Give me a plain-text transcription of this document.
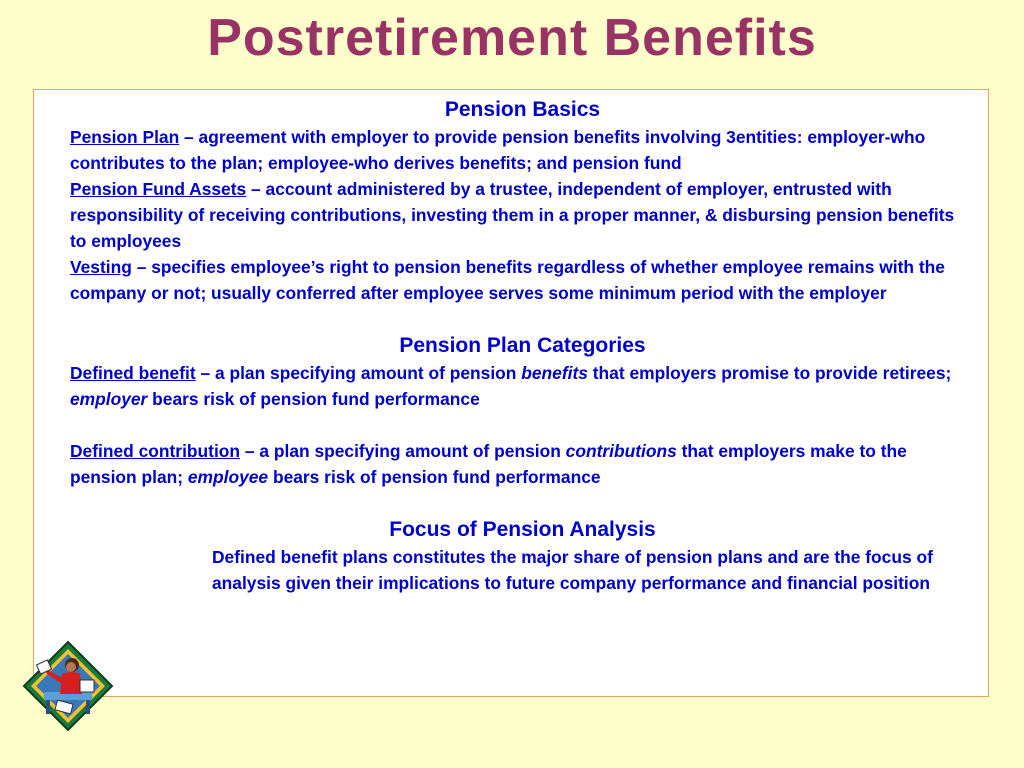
Postretirement Benefits
Pension Basics

Pension Plan – agreement with employer to provide pension benefits involving 3entities: employer-who contributes to the plan; employee-who derives benefits; and pension fund

Pension Fund Assets – account administered by a trustee, independent of employer, entrusted with responsibility of receiving contributions, investing them in a proper manner, & disbursing pension benefits to employees

Vesting – specifies employee’s right to pension benefits regardless of whether employee remains with the company or not; usually conferred after employee serves some minimum period with the employer

Pension Plan Categories

Defined benefit – a plan specifying amount of pension benefits that employers promise to provide retirees; employer bears risk of pension fund performance

Defined contribution – a plan specifying amount of pension contributions that employers make to the pension plan; employee bears risk of pension fund performance

Focus of Pension Analysis

Defined benefit plans constitutes the major share of pension plans and are the focus of analysis given their implications to future company performance and financial position
